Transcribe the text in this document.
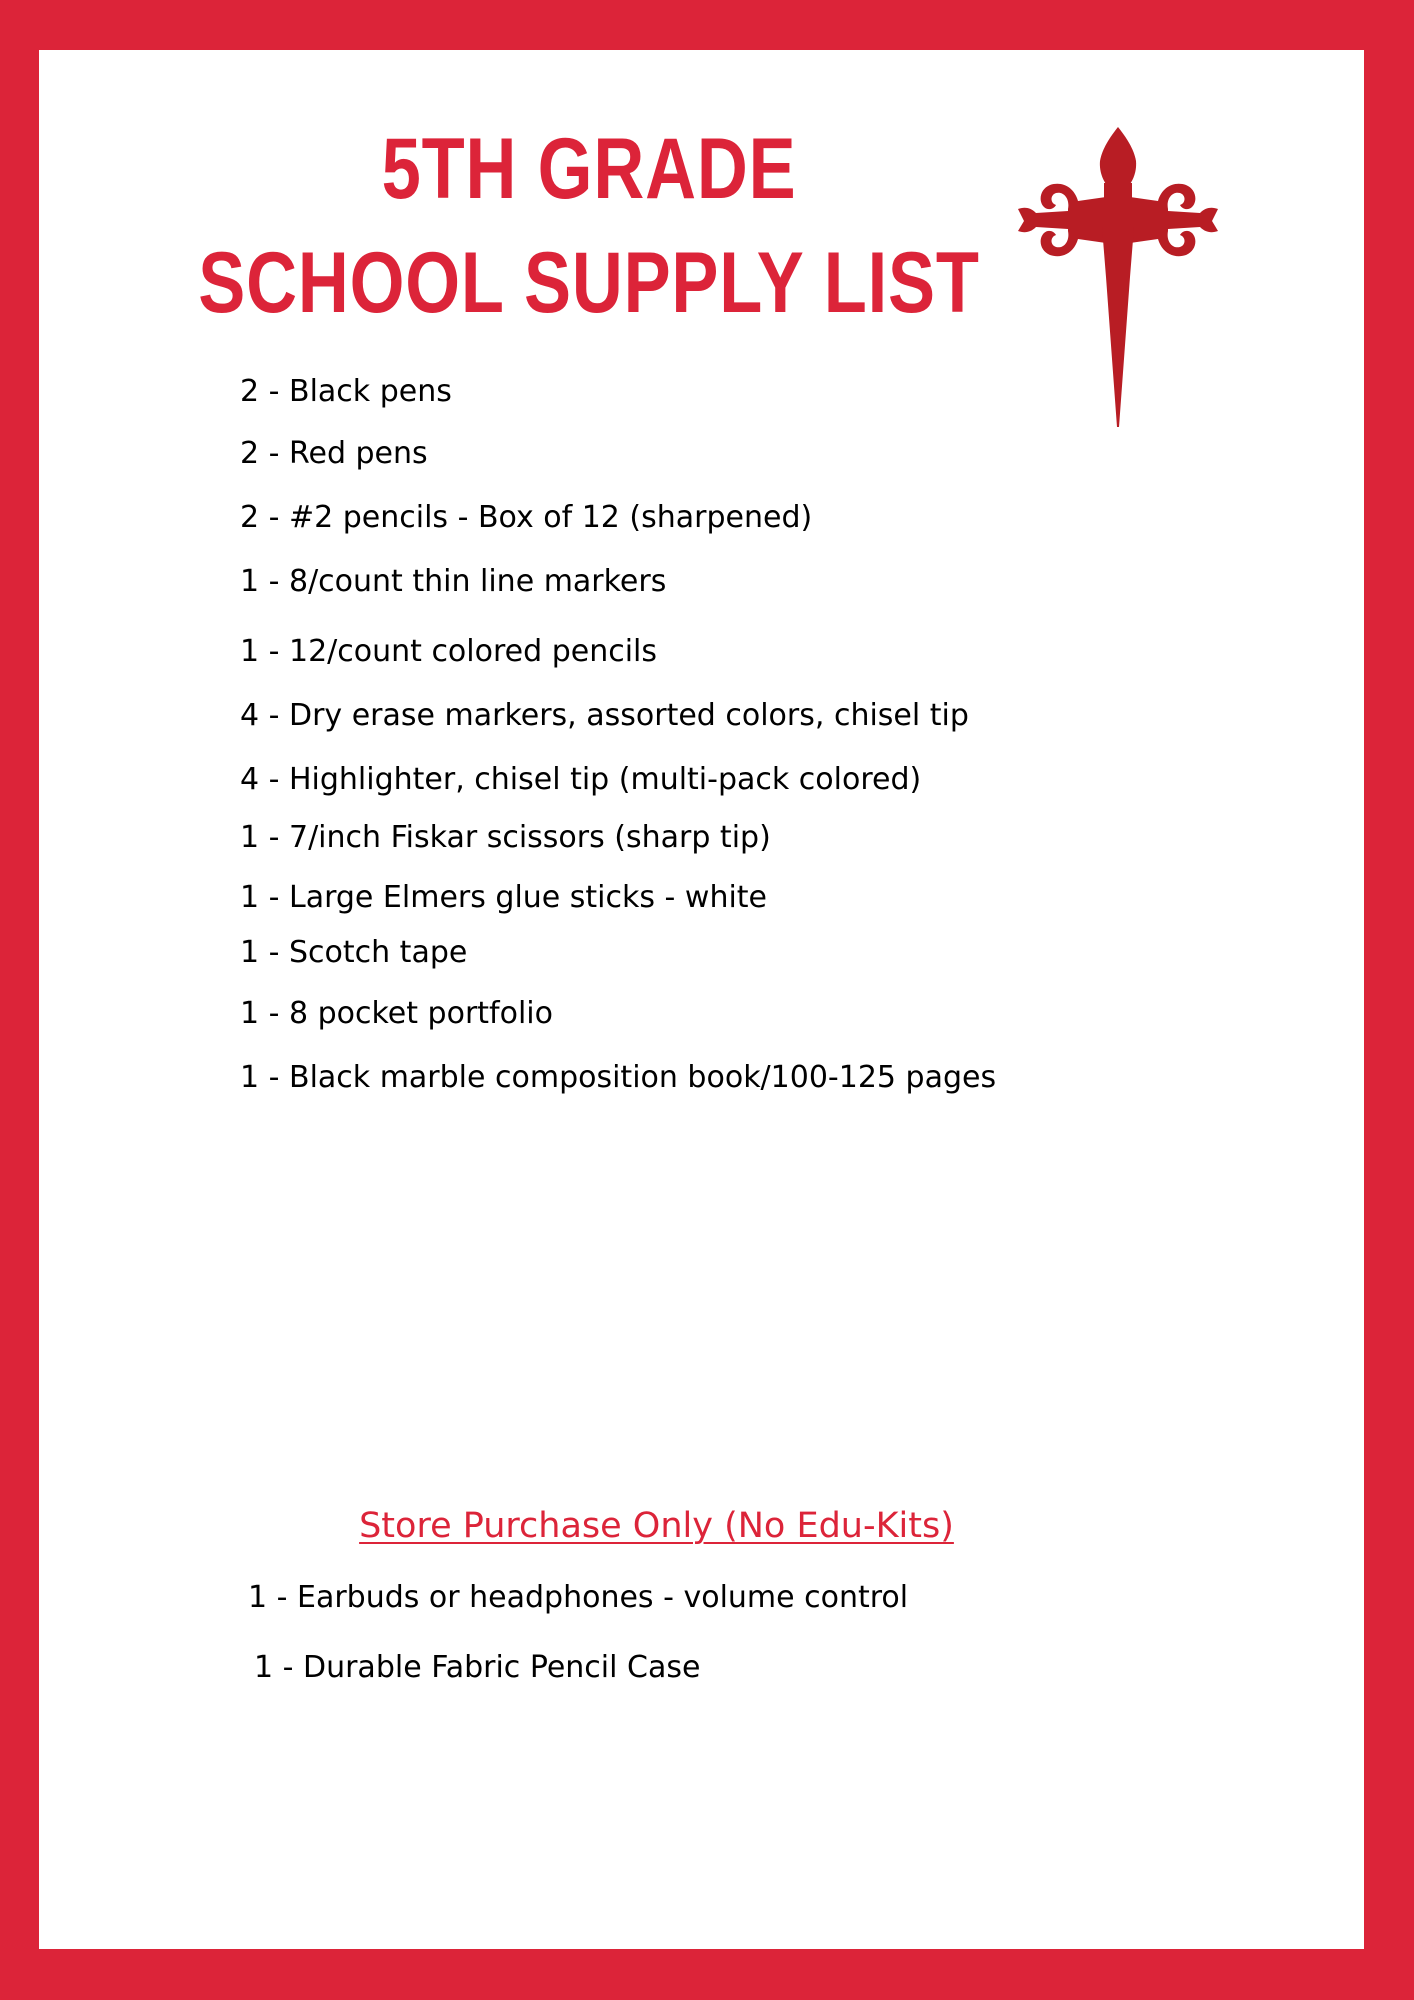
5TH GRADE
SCHOOL SUPPLY LIST

2 - Black pens

2 - Red pens

2 - #2 pencils - Box of 12 (sharpened)

1 - 8/count thin line markers

1 - 12/count colored pencils

4 - Dry erase markers, assorted colors, chisel tip

4 - Highlighter, chisel tip (multi-pack colored)

1 - 7/inch Fiskar scissors (sharp tip)

1 - Large Elmers glue sticks - white

1 - Scotch tape

1 - 8 pocket portfolio

1 - Black marble composition book/100-125 pages

Store Purchase Only (No Edu-Kits)

1 - Earbuds or headphones - volume control

1 - Durable Fabric Pencil Case
